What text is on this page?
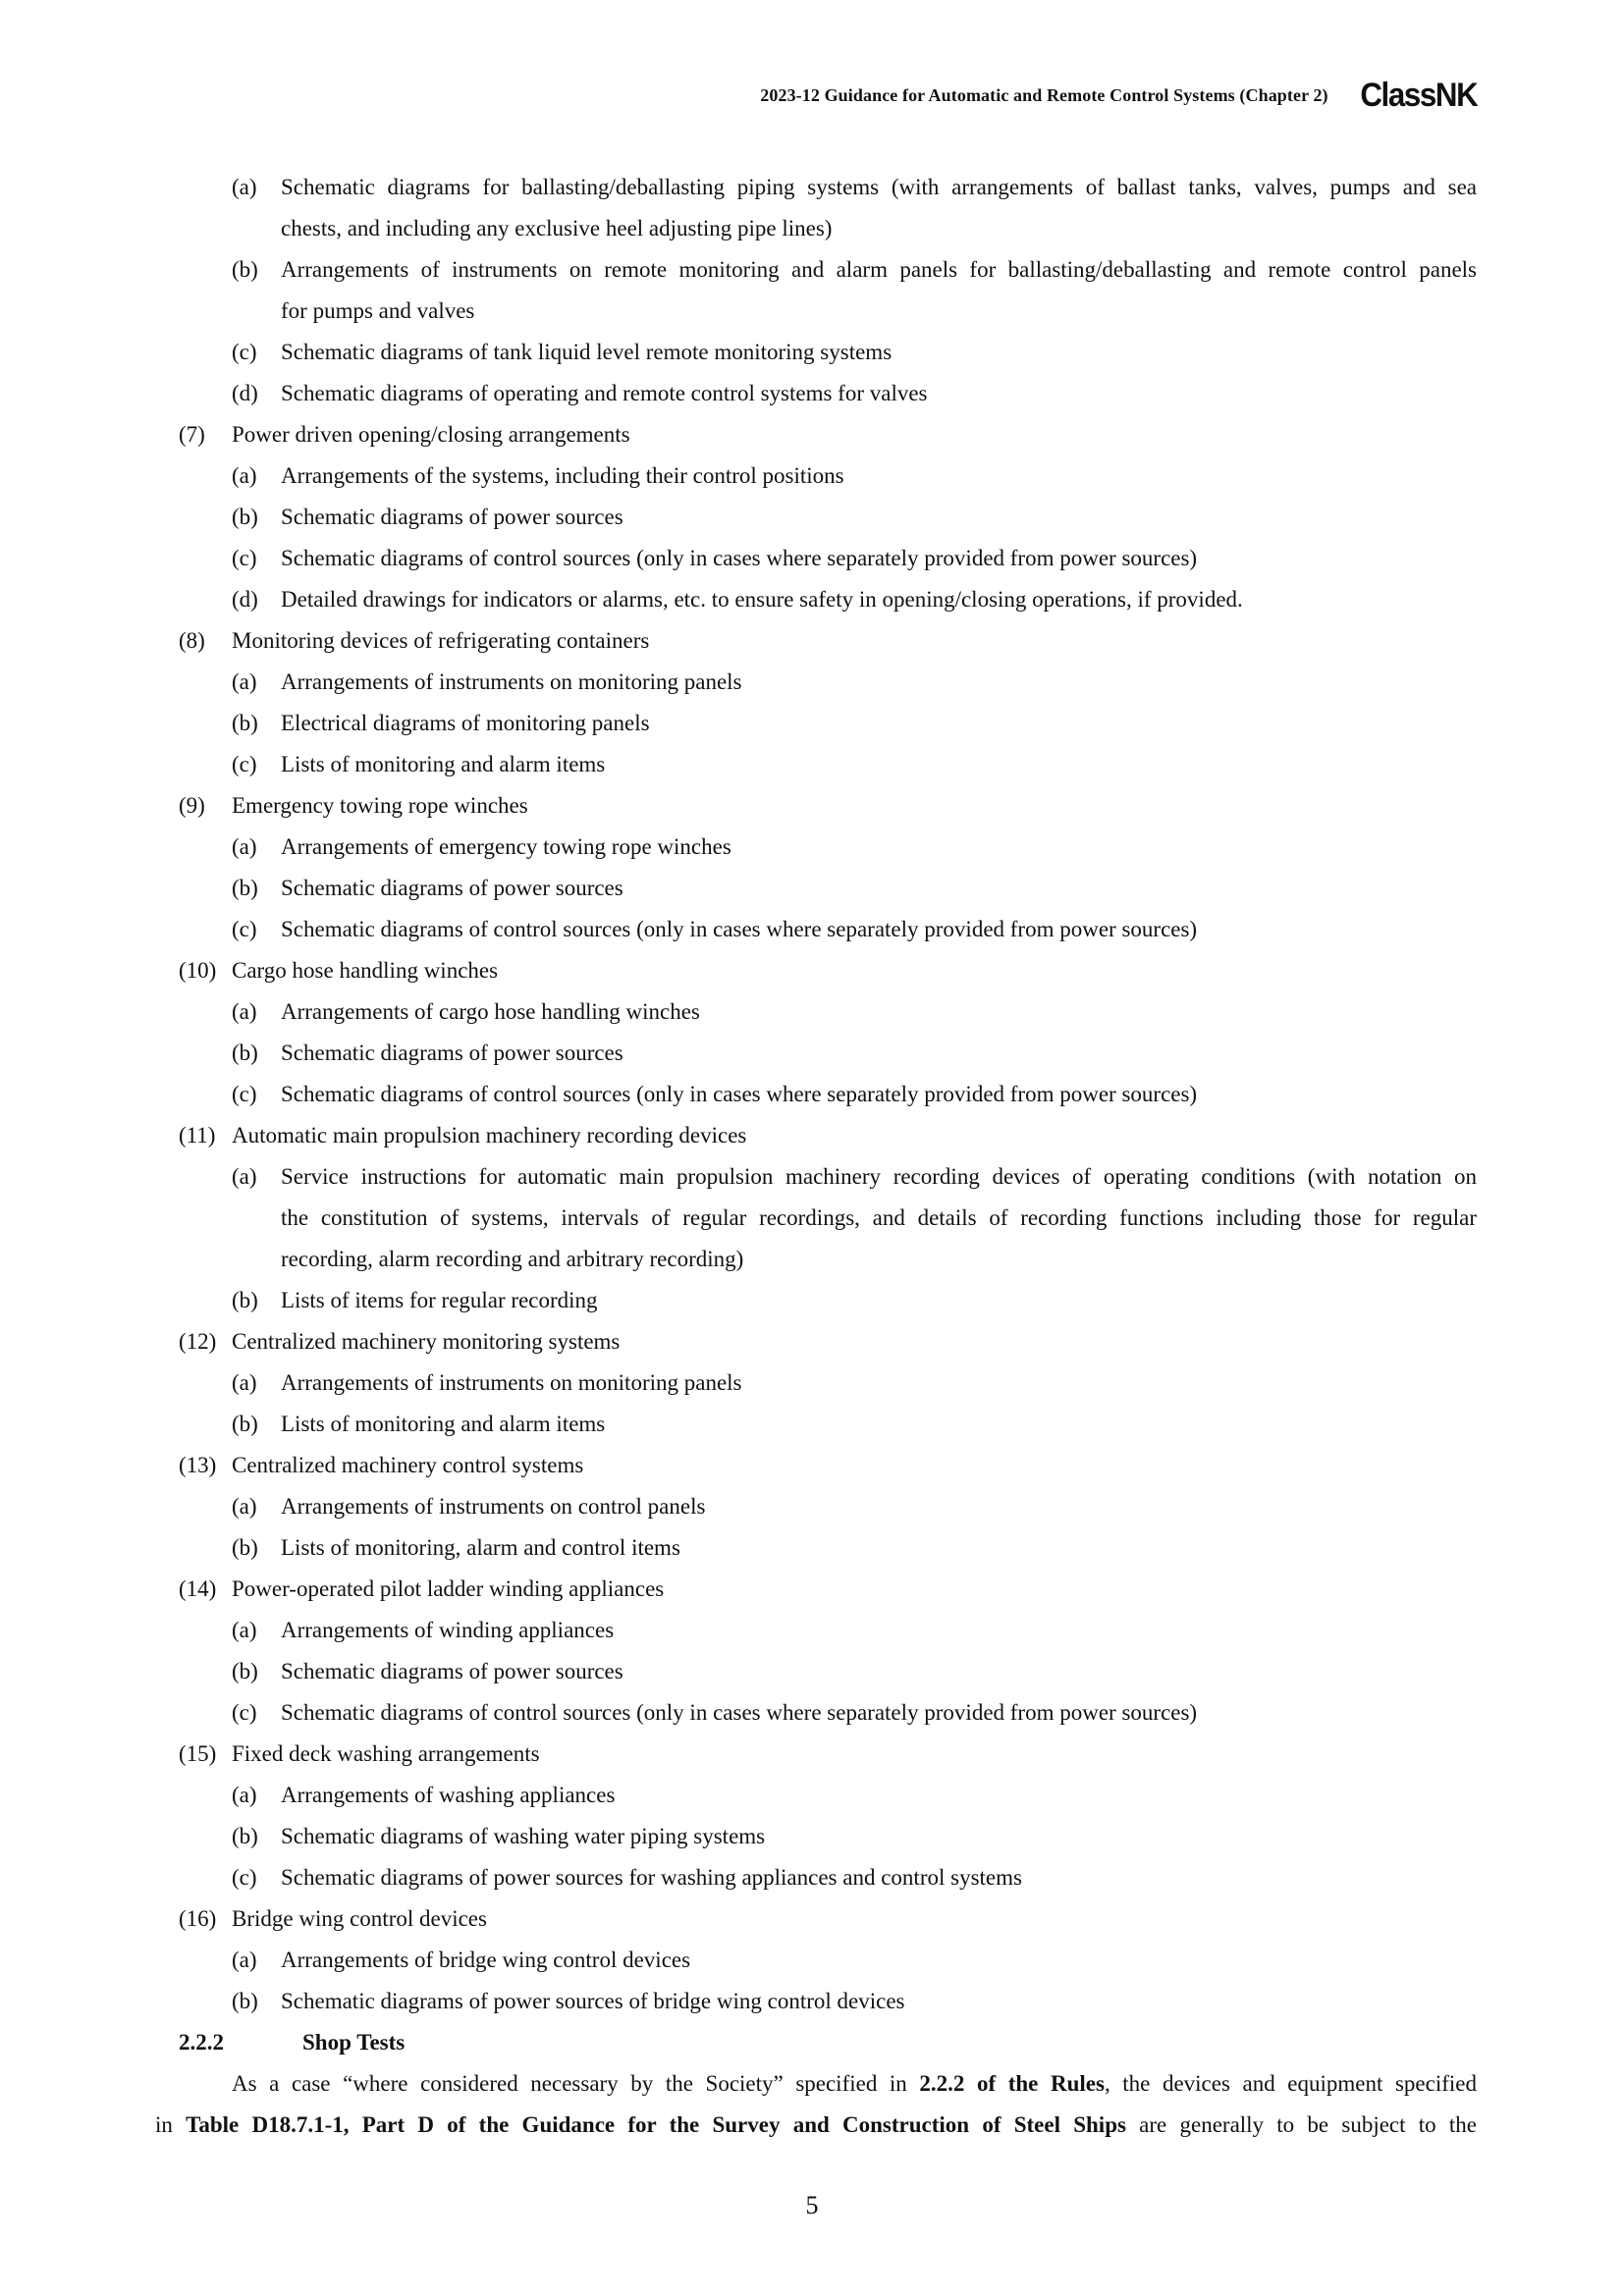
2023-12 Guidance for Automatic and Remote Control Systems (Chapter 2) ClassNK
(a) Schematic diagrams for ballasting/deballasting piping systems (with arrangements of ballast tanks, valves, pumps and sea
chests, and including any exclusive heel adjusting pipe lines)
(b) Arrangements of instruments on remote monitoring and alarm panels for ballasting/deballasting and remote control panels
for pumps and valves
(c) Schematic diagrams of tank liquid level remote monitoring systems
(d) Schematic diagrams of operating and remote control systems for valves
(7) Power driven opening/closing arrangements
(a) Arrangements of the systems, including their control positions
(b) Schematic diagrams of power sources
(c) Schematic diagrams of control sources (only in cases where separately provided from power sources)
(d) Detailed drawings for indicators or alarms, etc. to ensure safety in opening/closing operations, if provided.
(8) Monitoring devices of refrigerating containers
(a) Arrangements of instruments on monitoring panels
(b) Electrical diagrams of monitoring panels
(c) Lists of monitoring and alarm items
(9) Emergency towing rope winches
(a) Arrangements of emergency towing rope winches
(b) Schematic diagrams of power sources
(c) Schematic diagrams of control sources (only in cases where separately provided from power sources)
(10) Cargo hose handling winches
(a) Arrangements of cargo hose handling winches
(b) Schematic diagrams of power sources
(c) Schematic diagrams of control sources (only in cases where separately provided from power sources)
(11) Automatic main propulsion machinery recording devices
(a) Service instructions for automatic main propulsion machinery recording devices of operating conditions (with notation on
the constitution of systems, intervals of regular recordings, and details of recording functions including those for regular
recording, alarm recording and arbitrary recording)
(b) Lists of items for regular recording
(12) Centralized machinery monitoring systems
(a) Arrangements of instruments on monitoring panels
(b) Lists of monitoring and alarm items
(13) Centralized machinery control systems
(a) Arrangements of instruments on control panels
(b) Lists of monitoring, alarm and control items
(14) Power-operated pilot ladder winding appliances
(a) Arrangements of winding appliances
(b) Schematic diagrams of power sources
(c) Schematic diagrams of control sources (only in cases where separately provided from power sources)
(15) Fixed deck washing arrangements
(a) Arrangements of washing appliances
(b) Schematic diagrams of washing water piping systems
(c) Schematic diagrams of power sources for washing appliances and control systems
(16) Bridge wing control devices
(a) Arrangements of bridge wing control devices
(b) Schematic diagrams of power sources of bridge wing control devices
2.2.2	Shop Tests
As a case “where considered necessary by the Society” specified in 2.2.2 of the Rules, the devices and equipment specified
in Table D18.7.1-1, Part D of the Guidance for the Survey and Construction of Steel Ships are generally to be subject to the
5
